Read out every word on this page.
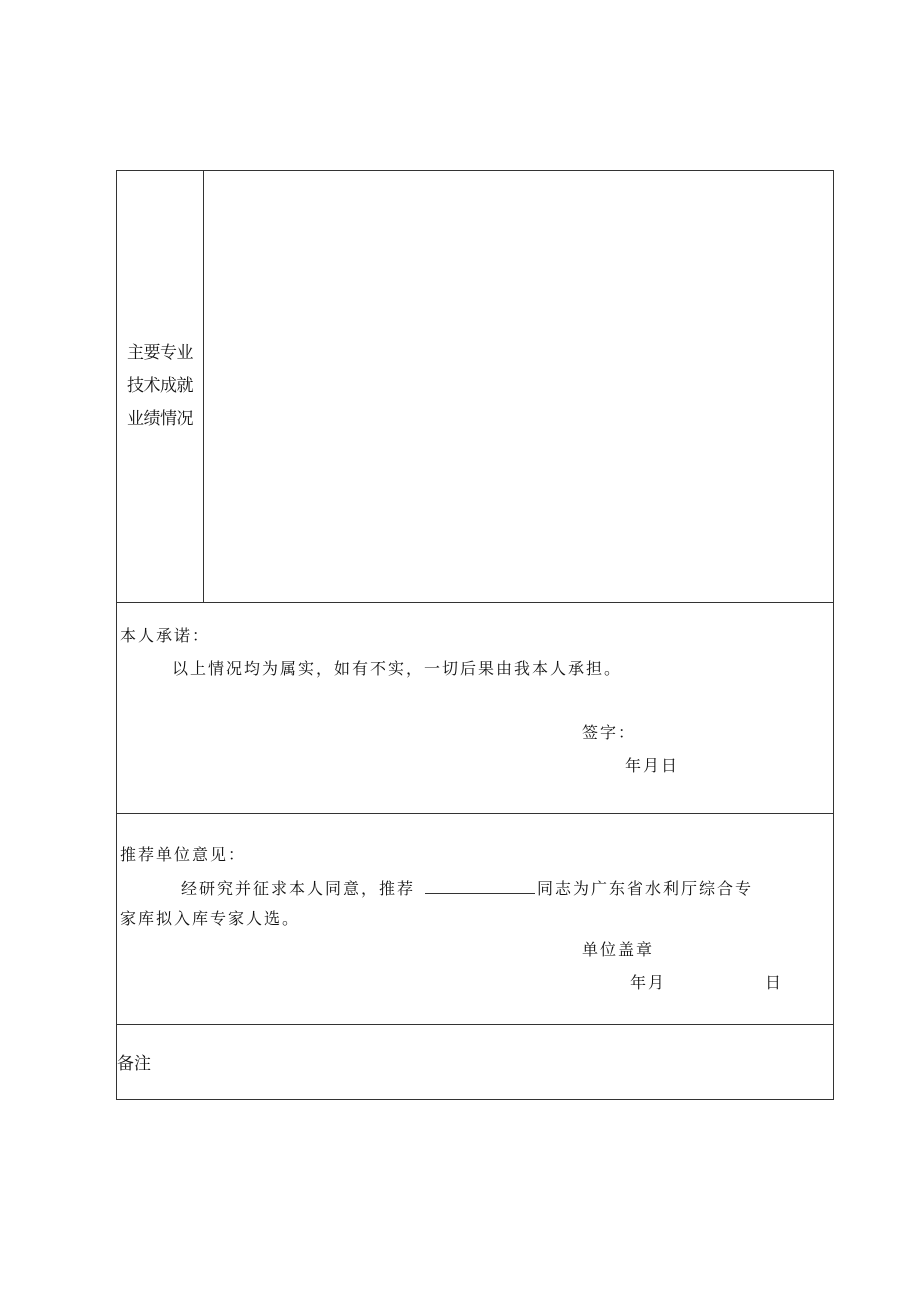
主要专业
技术成就
业绩情况
本人承诺：
以上情况均为属实，如有不实，一切后果由我本人承担。
签字：
年月日
推荐单位意见：
经研究并征求本人同意，推荐	同志为广东省水利厅综合专
家库拟入库专家人选。
单位盖章
年月	日
备注
